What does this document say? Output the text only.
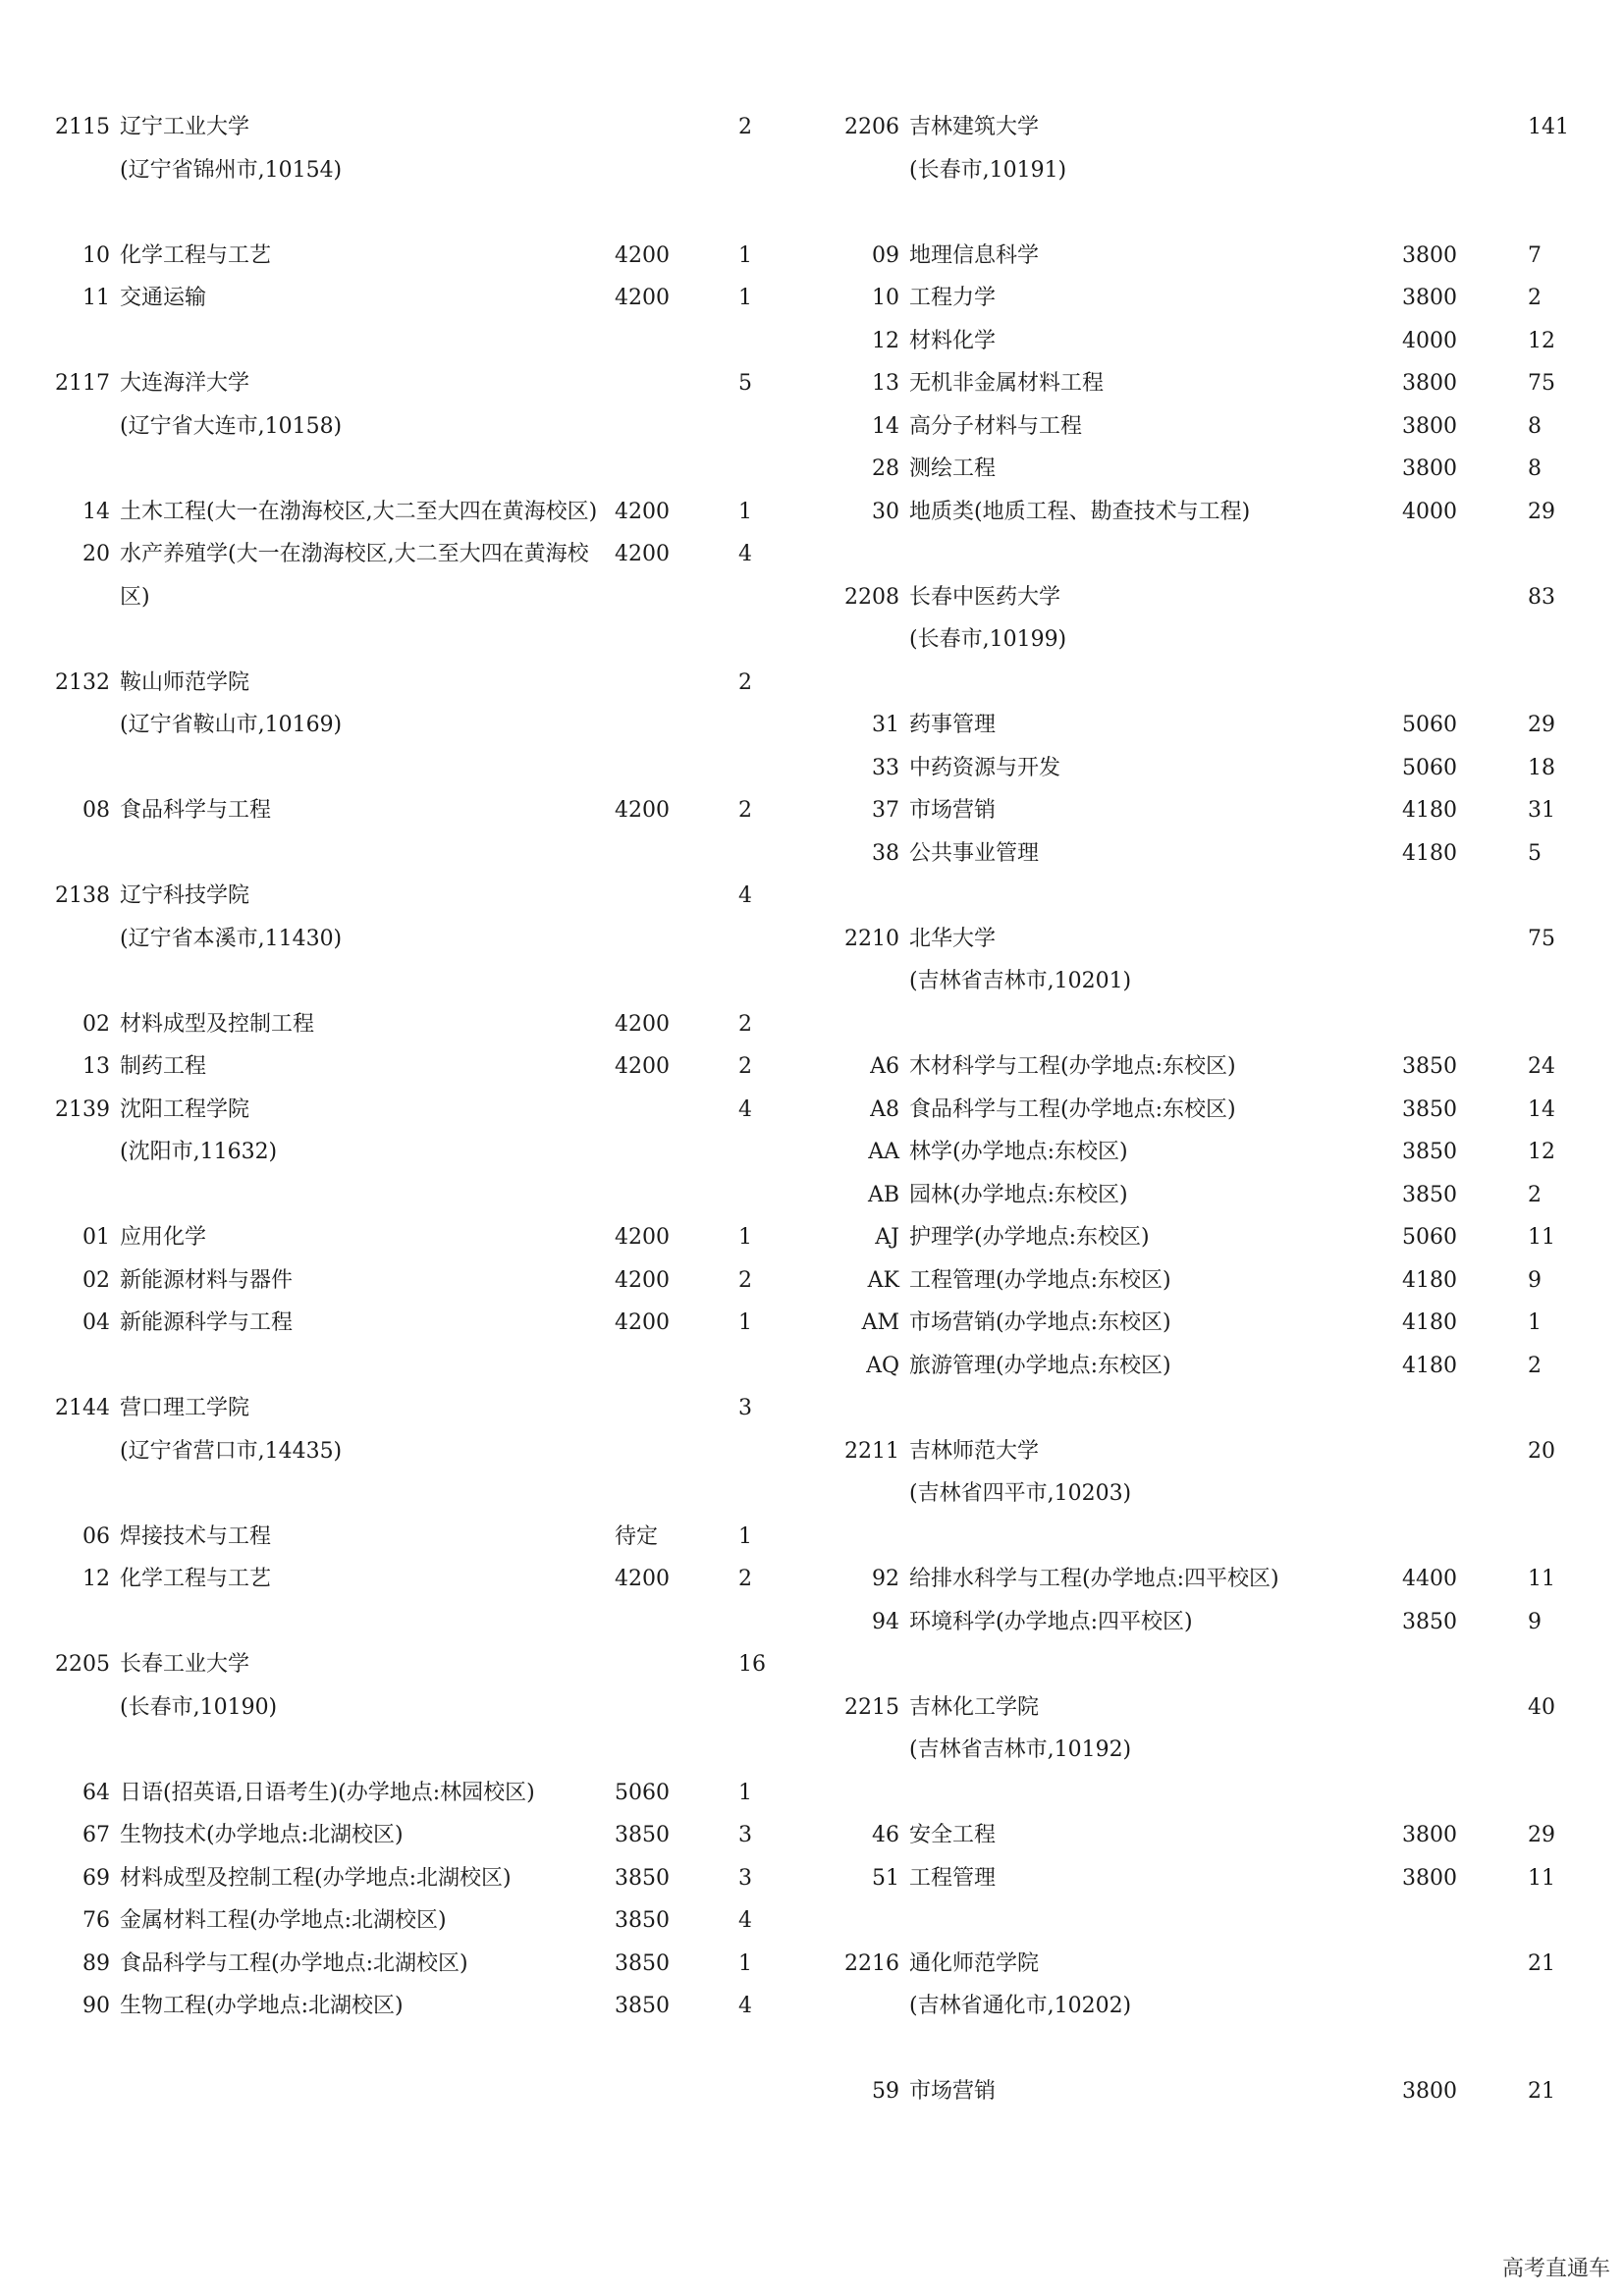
2115 辽宁工业大学	2
(辽宁省锦州市,10154)
10 化学工程与工艺	4200	1
11 交通运输	4200	1
2117 大连海洋大学	5
(辽宁省大连市,10158)
14 土木工程(大一在渤海校区,大二至大四在黄海校区) 4200	1
20 水产养殖学(大一在渤海校区,大二至大四在黄海校区)
4200	4
2132 鞍山师范学院	2
(辽宁省鞍山市,10169)
08 食品科学与工程	4200	2
2138 辽宁科技学院	4
(辽宁省本溪市,11430)
02 材料成型及控制工程	4200	2
13 制药工程	4200	2
2139 沈阳工程学院	4
(沈阳市,11632)
01 应用化学	4200	1
02 新能源材料与器件	4200	2
04 新能源科学与工程	4200	1
2144 营口理工学院	3
(辽宁省营口市,14435)
06 焊接技术与工程	待定	1
12 化学工程与工艺	4200	2
2205 长春工业大学	16
(长春市,10190)
64 日语(招英语,日语考生)(办学地点:林园校区)	5060	1
67 生物技术(办学地点:北湖校区)	3850	3
69 材料成型及控制工程(办学地点:北湖校区)	3850	3
76 金属材料工程(办学地点:北湖校区)	3850	4
89 食品科学与工程(办学地点:北湖校区)	3850	1
90 生物工程(办学地点:北湖校区)	3850	4
2206 吉林建筑大学	141
(长春市,10191)
09 地理信息科学	3800	7
10 工程力学	3800	2
12 材料化学	4000	12
13 无机非金属材料工程	3800	75
14 高分子材料与工程	3800	8
28 测绘工程	3800	8
30 地质类(地质工程、勘查技术与工程)	4000	29
2208 长春中医药大学	83
(长春市,10199)
31 药事管理	5060	29
33 中药资源与开发	5060	18
37 市场营销	4180	31
38 公共事业管理	4180	5
2210 北华大学	75
(吉林省吉林市,10201)
A6 木材科学与工程(办学地点:东校区)	3850	24
A8 食品科学与工程(办学地点:东校区)	3850	14
AA 林学(办学地点:东校区)	3850	12
AB 园林(办学地点:东校区)	3850	2
AJ 护理学(办学地点:东校区)	5060	11
AK 工程管理(办学地点:东校区)	4180	9
AM 市场营销(办学地点:东校区)	4180	1
AQ 旅游管理(办学地点:东校区)	4180	2
2211 吉林师范大学	20
(吉林省四平市,10203)
92 给排水科学与工程(办学地点:四平校区)	4400	11
94 环境科学(办学地点:四平校区)	3850	9
2215 吉林化工学院	40
(吉林省吉林市,10192)
46 安全工程	3800	29
51 工程管理	3800	11
2216 通化师范学院	21
(吉林省通化市,10202)
59 市场营销	3800	21
高考直通车
